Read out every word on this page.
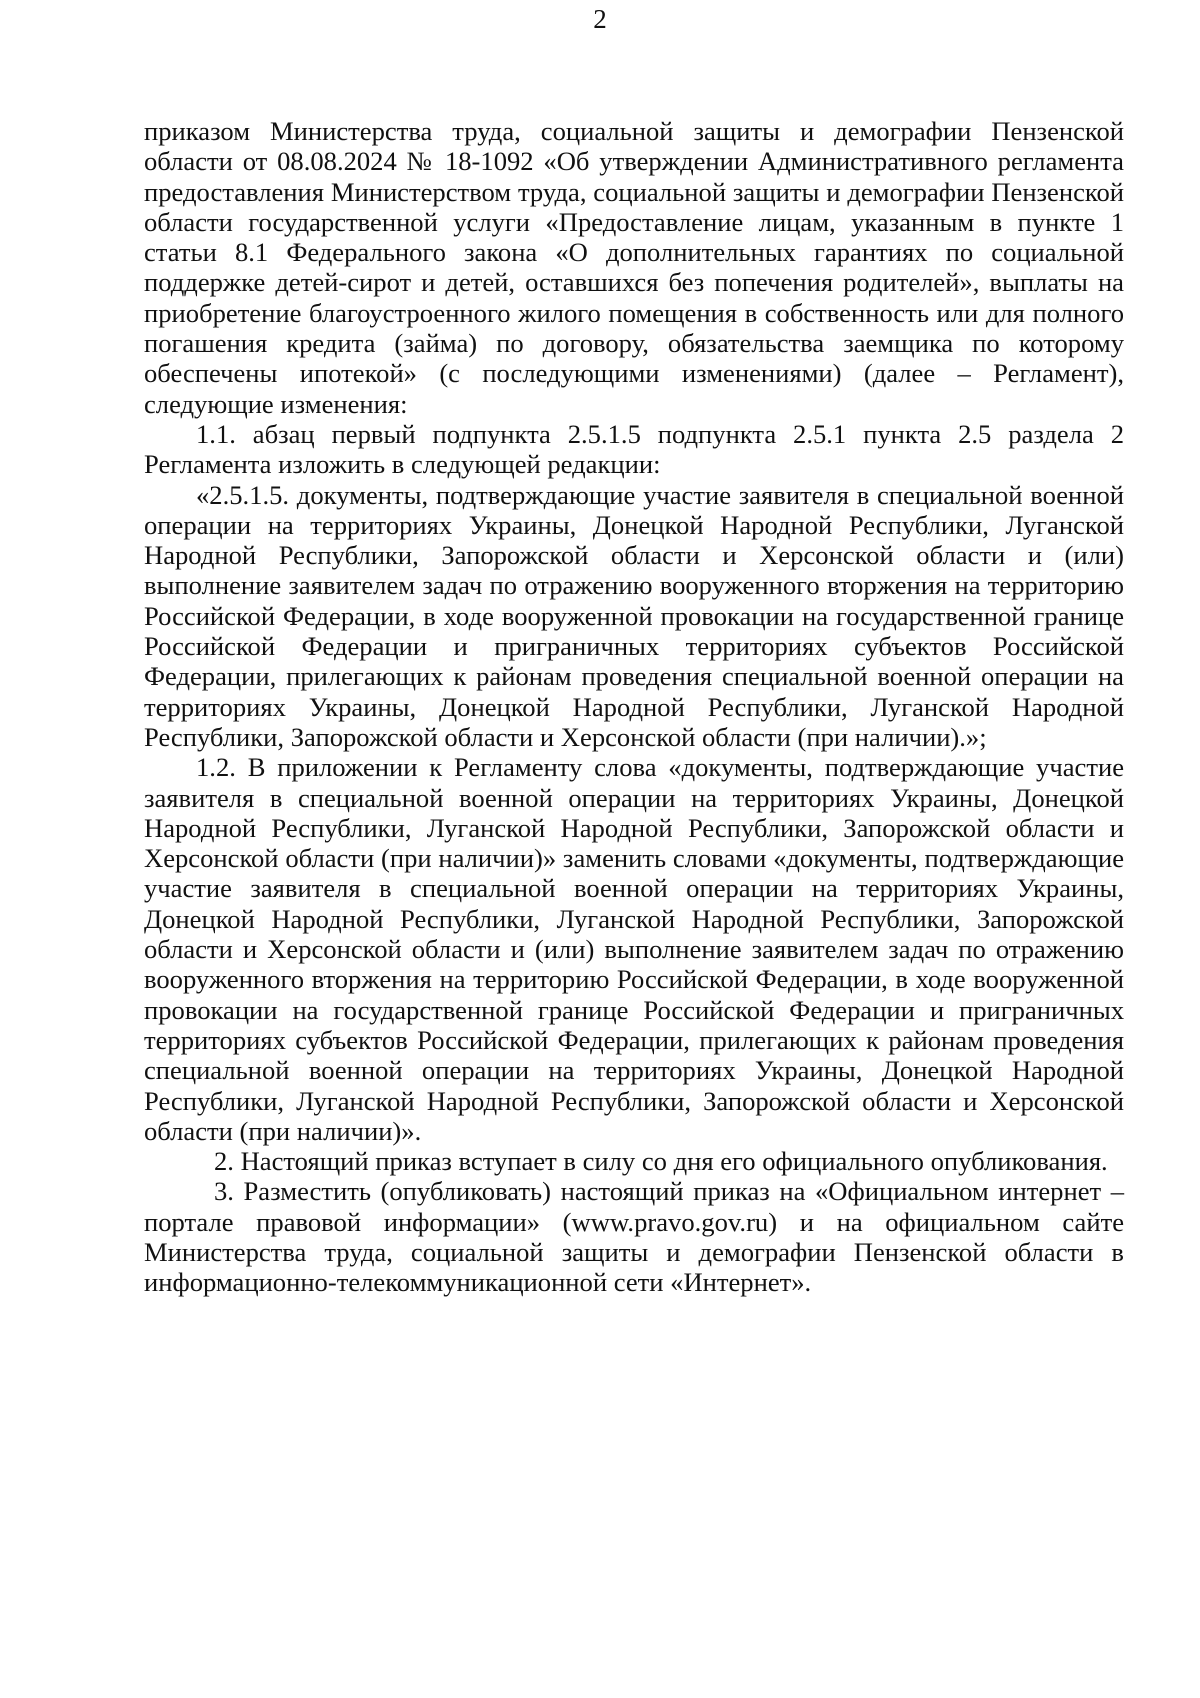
2

приказом Министерства труда, социальной защиты и демографии Пензенской области от 08.08.2024 № 18-1092 «Об утверждении Административного регламента предоставления Министерством труда, социальной защиты и демографии Пензенской области государственной услуги «Предоставление лицам, указанным в пункте 1 статьи 8.1 Федерального закона «О дополнительных гарантиях по социальной поддержке детей-сирот и детей, оставшихся без попечения родителей», выплаты на приобретение благоустроенного жилого помещения в собственность или для полного погашения кредита (займа) по договору, обязательства заемщика по которому обеспечены ипотекой» (с последующими изменениями) (далее – Регламент), следующие изменения:

1.1. абзац первый подпункта 2.5.1.5 подпункта 2.5.1 пункта 2.5 раздела 2 Регламента изложить в следующей редакции:

«2.5.1.5. документы, подтверждающие участие заявителя в специальной военной операции на территориях Украины, Донецкой Народной Республики, Луганской Народной Республики, Запорожской области и Херсонской области и (или) выполнение заявителем задач по отражению вооруженного вторжения на территорию Российской Федерации, в ходе вооруженной провокации на государственной границе Российской Федерации и приграничных территориях субъектов Российской Федерации, прилегающих к районам проведения специальной военной операции на территориях Украины, Донецкой Народной Республики, Луганской Народной Республики, Запорожской области и Херсонской области (при наличии).»;

1.2. В приложении к Регламенту слова «документы, подтверждающие участие заявителя в специальной военной операции на территориях Украины, Донецкой Народной Республики, Луганской Народной Республики, Запорожской области и Херсонской области (при наличии)» заменить словами «документы, подтверждающие участие заявителя в специальной военной операции на территориях Украины, Донецкой Народной Республики, Луганской Народной Республики, Запорожской области и Херсонской области и (или) выполнение заявителем задач по отражению вооруженного вторжения на территорию Российской Федерации, в ходе вооруженной провокации на государственной границе Российской Федерации и приграничных территориях субъектов Российской Федерации, прилегающих к районам проведения специальной военной операции на территориях Украины, Донецкой Народной Республики, Луганской Народной Республики, Запорожской области и Херсонской области (при наличии)».

2. Настоящий приказ вступает в силу со дня его официального опубликования.

3. Разместить (опубликовать) настоящий приказ на «Официальном интернет – портале правовой информации» (www.pravo.gov.ru) и на официальном сайте Министерства труда, социальной защиты и демографии Пензенской области в информационно-телекоммуникационной сети «Интернет».
